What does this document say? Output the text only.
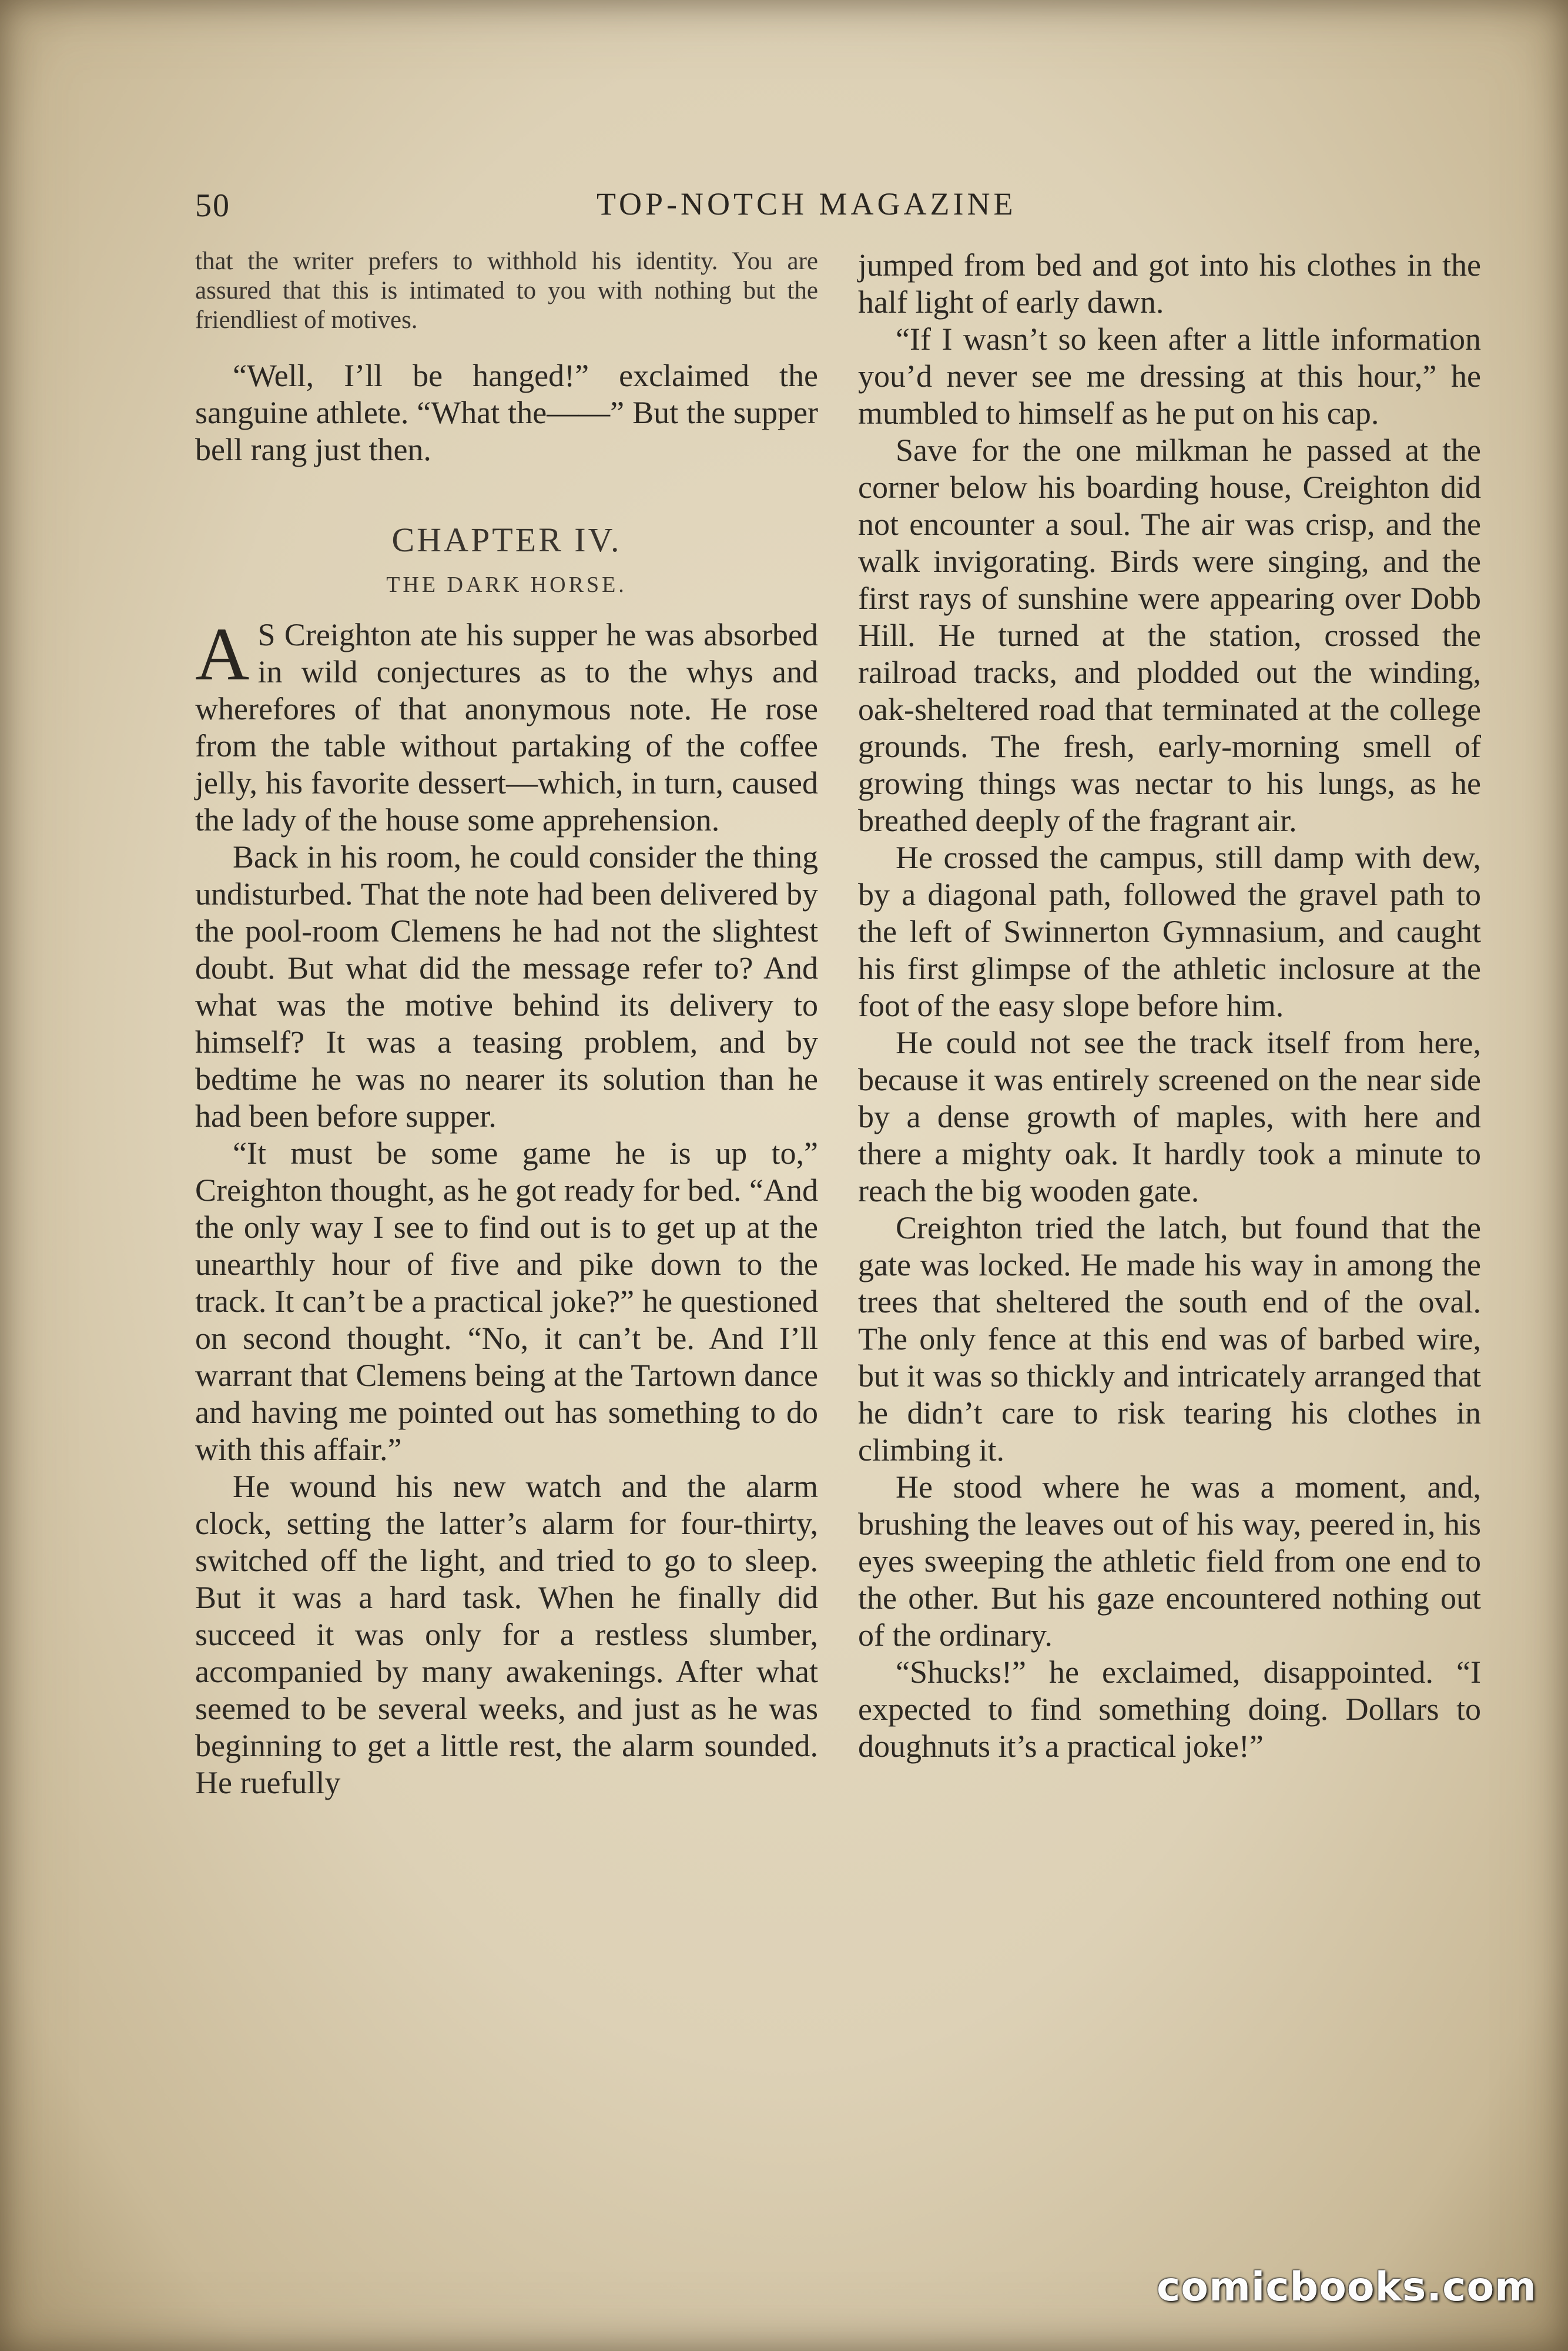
50	TOP-NOTCH MAGAZINE

that the writer prefers to withhold his identity. You are assured that this is intimated to you with nothing but the friendliest of motives.

“Well, I’ll be hanged!” exclaimed the sanguine athlete. “What the——” But the supper bell rang just then.

CHAPTER IV.
THE DARK HORSE.

A S Creighton ate his supper he was absorbed in wild conjectures as to the whys and wherefores of that anonymous note. He rose from the table without partaking of the coffee jelly, his favorite dessert—which, in turn, caused the lady of the house some apprehension.

Back in his room, he could consider the thing undisturbed. That the note had been delivered by the pool-room Clemens he had not the slightest doubt. But what did the message refer to? And what was the motive behind its delivery to himself? It was a teasing problem, and by bedtime he was no nearer its solution than he had been before supper.

“It must be some game he is up to,” Creighton thought, as he got ready for bed. “And the only way I see to find out is to get up at the unearthly hour of five and pike down to the track. It can’t be a practical joke?” he questioned on second thought. “No, it can’t be. And I’ll warrant that Clemens being at the Tartown dance and having me pointed out has something to do with this affair.”

He wound his new watch and the alarm clock, setting the latter’s alarm for four-thirty, switched off the light, and tried to go to sleep. But it was a hard task. When he finally did succeed it was only for a restless slumber, accompanied by many awakenings. After what seemed to be several weeks, and just as he was beginning to get a little rest, the alarm sounded. He ruefully

jumped from bed and got into his clothes in the half light of early dawn.

“If I wasn’t so keen after a little information you’d never see me dressing at this hour,” he mumbled to himself as he put on his cap.

Save for the one milkman he passed at the corner below his boarding house, Creighton did not encounter a soul. The air was crisp, and the walk invigorating. Birds were singing, and the first rays of sunshine were appearing over Dobb Hill. He turned at the station, crossed the railroad tracks, and plodded out the winding, oak-sheltered road that terminated at the college grounds. The fresh, early-morning smell of growing things was nectar to his lungs, as he breathed deeply of the fragrant air.

He crossed the campus, still damp with dew, by a diagonal path, followed the gravel path to the left of Swinnerton Gymnasium, and caught his first glimpse of the athletic inclosure at the foot of the easy slope before him.

He could not see the track itself from here, because it was entirely screened on the near side by a dense growth of maples, with here and there a mighty oak. It hardly took a minute to reach the big wooden gate.

Creighton tried the latch, but found that the gate was locked. He made his way in among the trees that sheltered the south end of the oval. The only fence at this end was of barbed wire, but it was so thickly and intricately arranged that he didn’t care to risk tearing his clothes in climbing it.

He stood where he was a moment, and, brushing the leaves out of his way, peered in, his eyes sweeping the athletic field from one end to the other. But his gaze encountered nothing out of the ordinary.

“Shucks!” he exclaimed, disappointed. “I expected to find something doing. Dollars to doughnuts it’s a practical joke!”

comicbooks.com
